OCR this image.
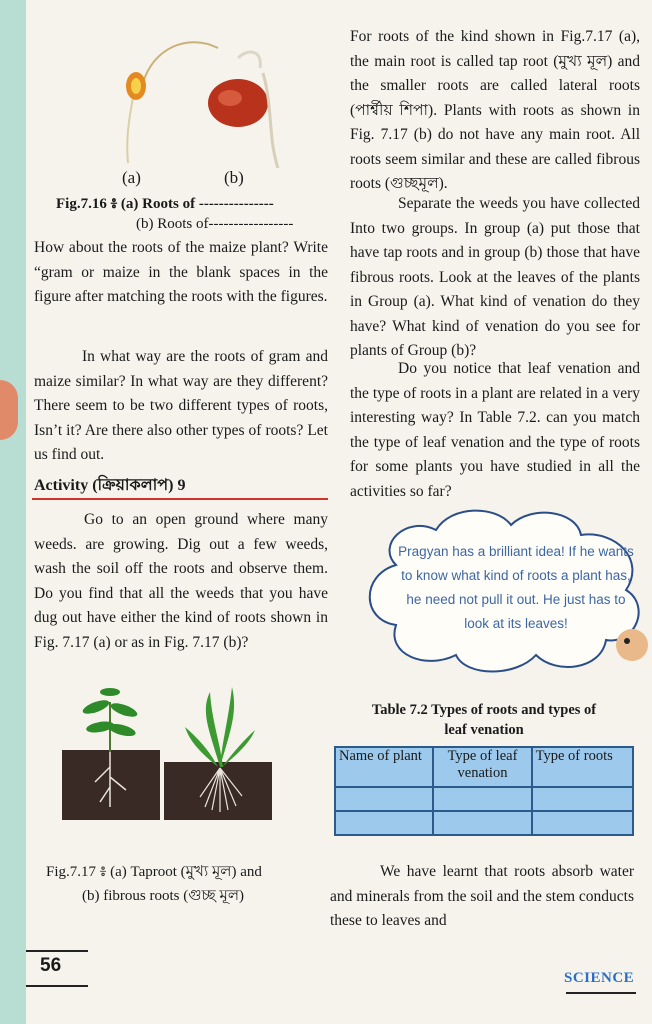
(a)	(b)
Fig.7.16 ៖ (a) Roots of ---------------
(b) Roots of-----------------

How about the roots of the maize plant? Write “gram or maize in the blank spaces in the figure after matching the roots with the figures.

In what way are the roots of gram and maize similar? In what way are they different? There seem to be two different types of roots, Isn’t it? Are there also other types of roots? Let us find out.

Activity (ক্রিয়াকলাপ) 9

Go to an open ground where many weeds. are growing. Dig out a few weeds, wash the soil off the roots and observe them. Do you find that all the weeds that you have dug out have either the kind of roots shown in Fig. 7.17 (a) or as in Fig. 7.17 (b)?

Fig.7.17 ៖ (a) Taproot (মুখ্য মূল) and
(b) fibrous roots (গুচ্ছ মূল)

For roots of the kind shown in Fig.7.17 (a), the main root is called tap root (মুখ্য মূল) and the smaller roots are called lateral roots (পার্শ্বীয় শিপা). Plants with roots as shown in Fig. 7.17 (b) do not have any main root. All roots seem similar and these are called fibrous roots (গুচ্ছমূল).

Separate the weeds you have collected Into two groups. In group (a) put those that have tap roots and in group (b) those that have fibrous roots. Look at the leaves of the plants in Group (a). What kind of venation do they have? What kind of venation do you see for plants of Group (b)?

Do you notice that leaf venation and the type of roots in a plant are related in a very interesting way? In Table 7.2. can you match the type of leaf venation and the type of roots for some plants you have studied in all the activities so far?

Pragyan has a brilliant idea! If he wants to know what kind of roots a plant has, he need not pull it out. He just has to look at its leaves!
Table 7.2 Types of roots and types of
leaf venation
Name of plant	Type of leaf venation	Type of roots

We have learnt that roots absorb water and minerals from the soil and the stem conducts these to leaves and

56
SCIENCE
